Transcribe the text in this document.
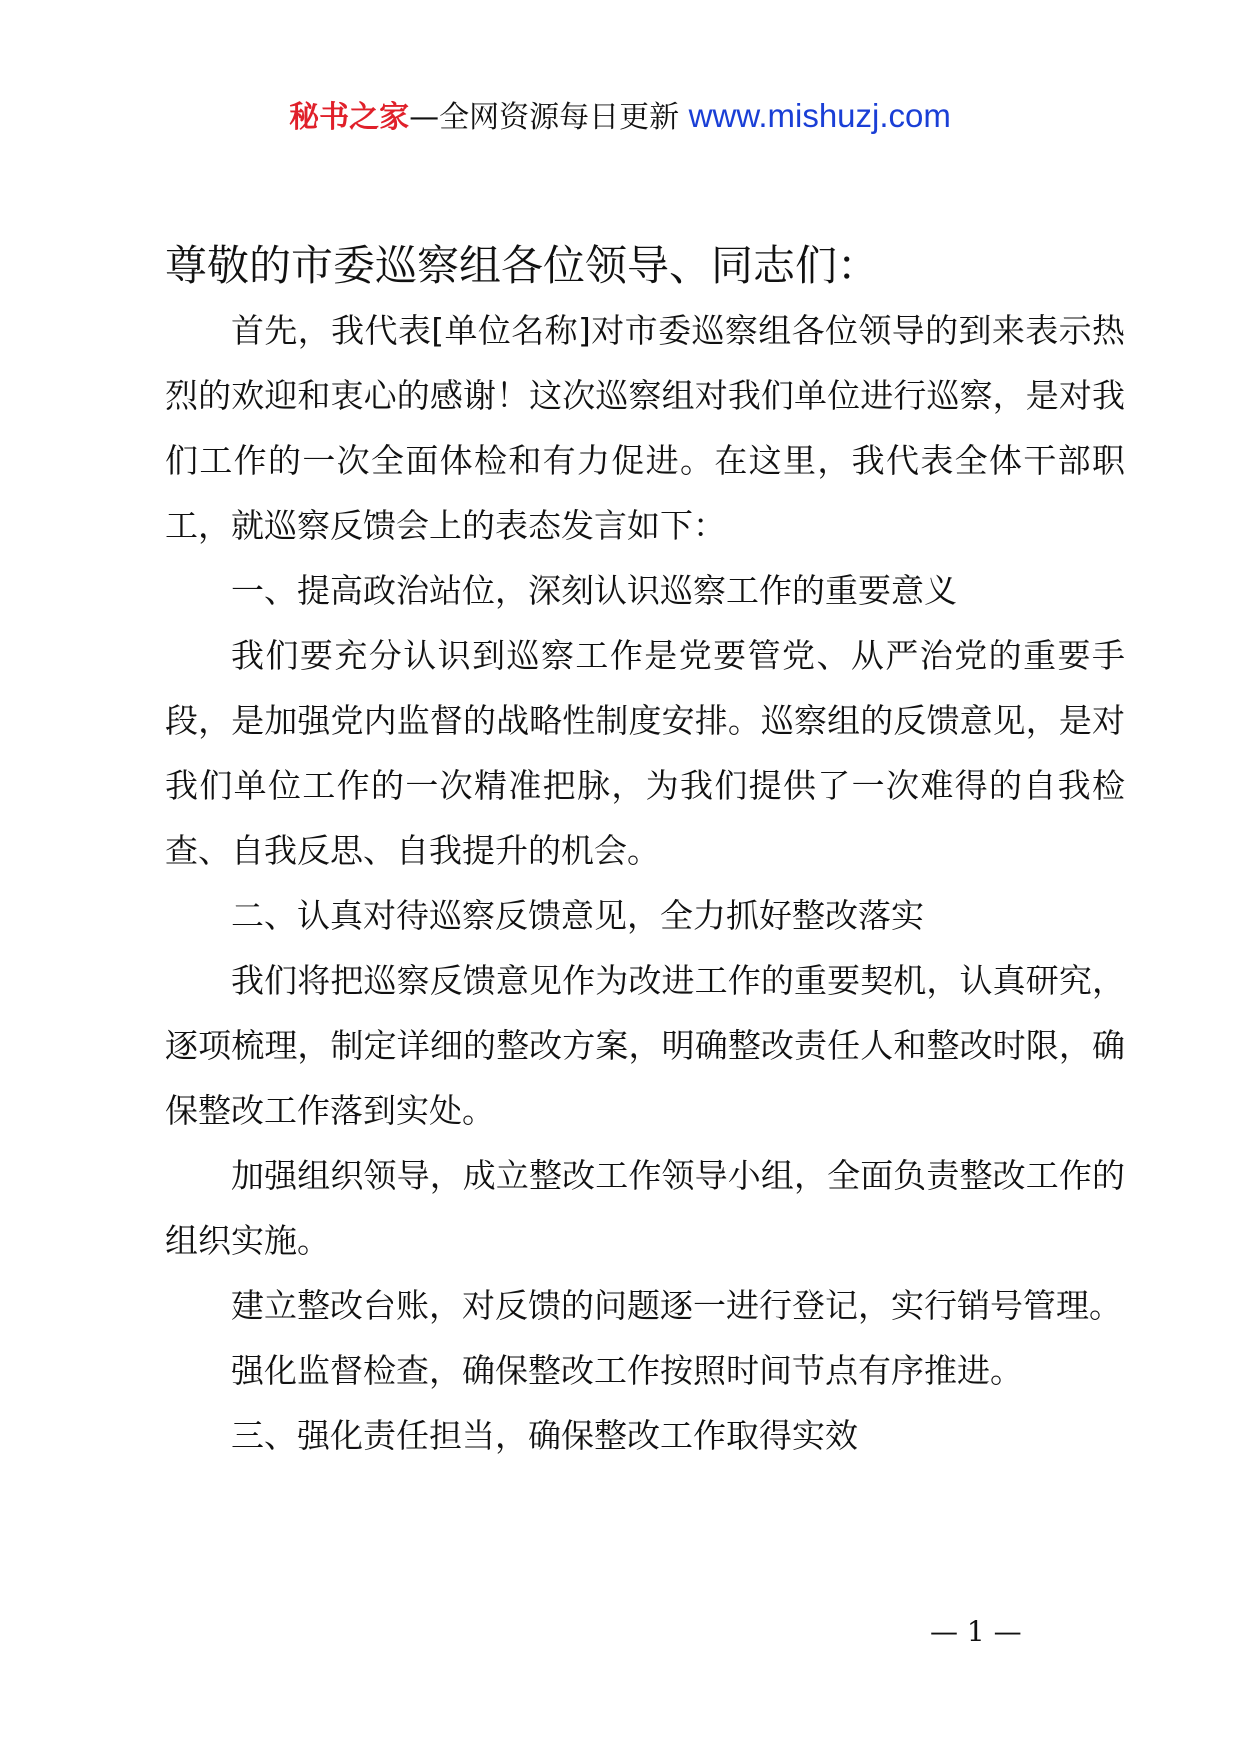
秘书之家—全网资源每日更新 www.mishuzj.com
尊敬的市委巡察组各位领导、同志们：

首先，我代表[单位名称]对市委巡察组各位领导的到来表示热烈的欢迎和衷心的感谢！这次巡察组对我们单位进行巡察，是对我们工作的一次全面体检和有力促进。在这里，我代表全体干部职工，就巡察反馈会上的表态发言如下：

一、提高政治站位，深刻认识巡察工作的重要意义

我们要充分认识到巡察工作是党要管党、从严治党的重要手段，是加强党内监督的战略性制度安排。巡察组的反馈意见，是对我们单位工作的一次精准把脉，为我们提供了一次难得的自我检查、自我反思、自我提升的机会。

二、认真对待巡察反馈意见，全力抓好整改落实

我们将把巡察反馈意见作为改进工作的重要契机，认真研究，逐项梳理，制定详细的整改方案，明确整改责任人和整改时限，确保整改工作落到实处。

加强组织领导，成立整改工作领导小组，全面负责整改工作的组织实施。

建立整改台账，对反馈的问题逐一进行登记，实行销号管理。

强化监督检查，确保整改工作按照时间节点有序推进。

三、强化责任担当，确保整改工作取得实效
— 1 —
